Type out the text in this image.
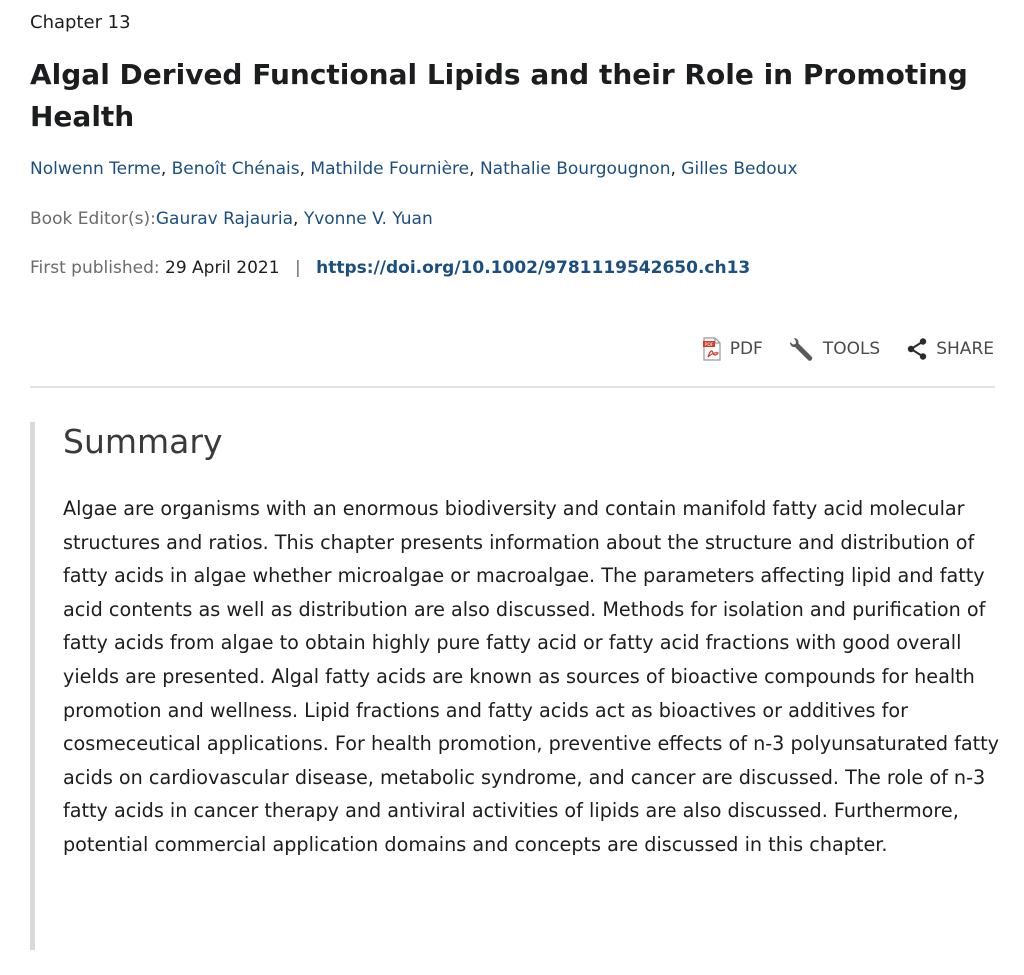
Chapter 13
Algal Derived Functional Lipids and their Role in Promoting Health
Nolwenn Terme, Benoît Chénais, Mathilde Fournière, Nathalie Bourgougnon, Gilles Bedoux
Book Editor(s):Gaurav Rajauria, Yvonne V. Yuan
First published: 29 April 2021 | https://doi.org/10.1002/9781119542650.ch13
PDF PDF	TOOLS	SHARE
Summary

Algae are organisms with an enormous biodiversity and contain manifold fatty acid molecular structures and ratios. This chapter presents information about the structure and distribution of fatty acids in algae whether microalgae or macroalgae. The parameters affecting lipid and fatty acid contents as well as distribution are also discussed. Methods for isolation and purification of fatty acids from algae to obtain highly pure fatty acid or fatty acid fractions with good overall yields are presented. Algal fatty acids are known as sources of bioactive compounds for health promotion and wellness. Lipid fractions and fatty acids act as bioactives or additives for cosmeceutical applications. For health promotion, preventive effects of n-3 polyunsaturated fatty acids on cardiovascular disease, metabolic syndrome, and cancer are discussed. The role of n-3 fatty acids in cancer therapy and antiviral activities of lipids are also discussed. Furthermore, potential commercial application domains and concepts are discussed in this chapter.
